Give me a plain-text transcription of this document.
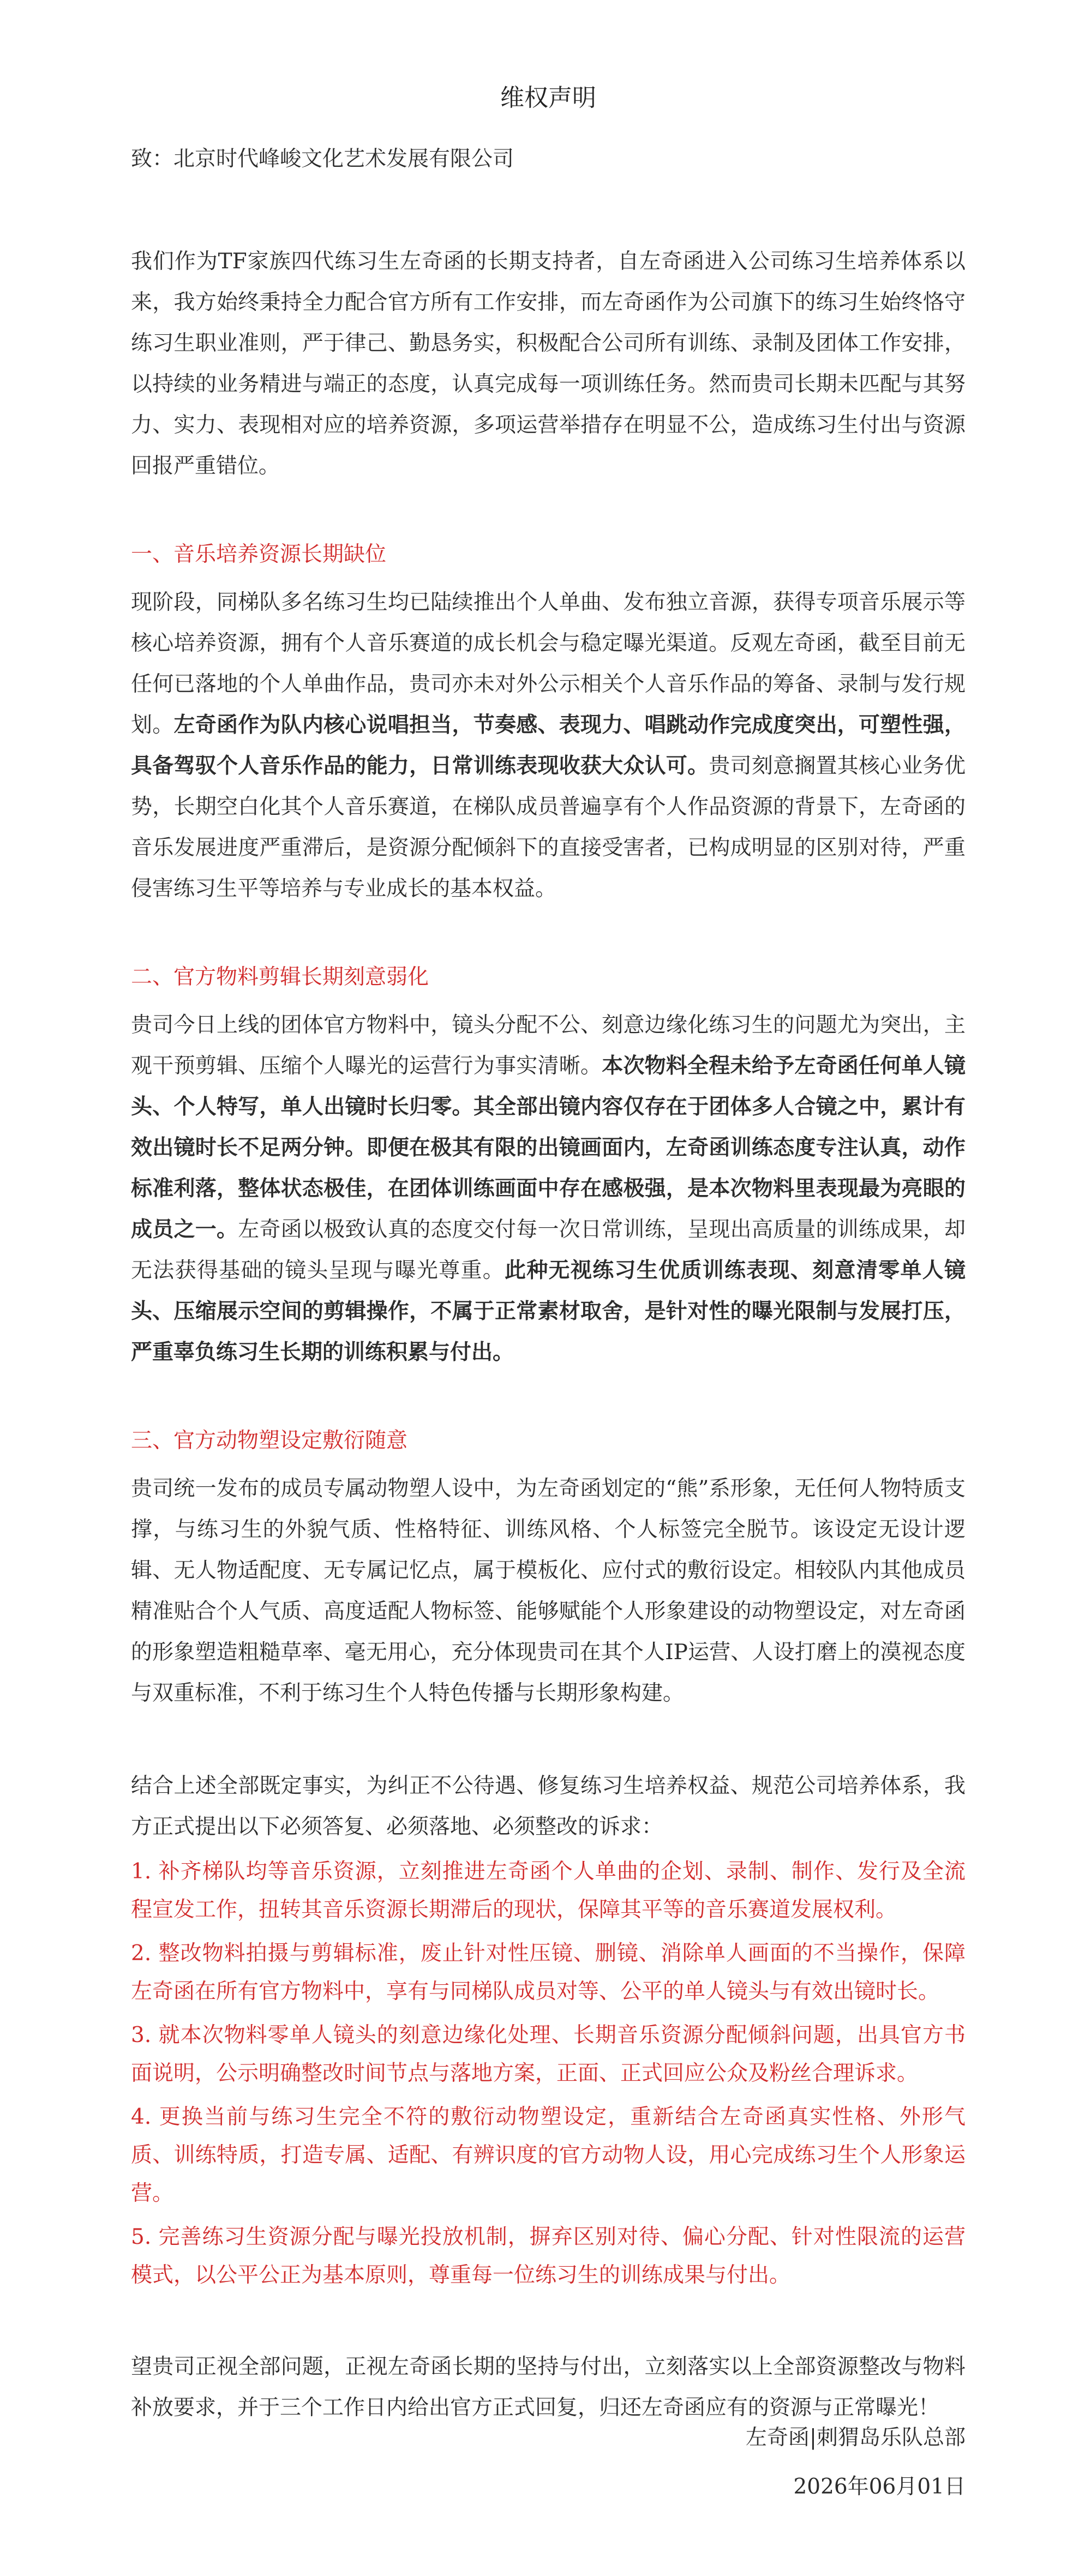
维权声明

致：北京时代峰峻文化艺术发展有限公司

我们作为TF家族四代练习生左奇函的长期支持者，自左奇函进入公司练习生培养体系以来，我方始终秉持全力配合官方所有工作安排，而左奇函作为公司旗下的练习生始终恪守练习生职业准则，严于律己、勤恳务实，积极配合公司所有训练、录制及团体工作安排，以持续的业务精进与端正的态度，认真完成每一项训练任务。然而贵司长期未匹配与其努力、实力、表现相对应的培养资源，多项运营举措存在明显不公，造成练习生付出与资源回报严重错位。

一、音乐培养资源长期缺位

现阶段，同梯队多名练习生均已陆续推出个人单曲、发布独立音源，获得专项音乐展示等核心培养资源，拥有个人音乐赛道的成长机会与稳定曝光渠道。反观左奇函，截至目前无任何已落地的个人单曲作品，贵司亦未对外公示相关个人音乐作品的筹备、录制与发行规划。左奇函作为队内核心说唱担当，节奏感、表现力、唱跳动作完成度突出，可塑性强，具备驾驭个人音乐作品的能力，日常训练表现收获大众认可。贵司刻意搁置其核心业务优势，长期空白化其个人音乐赛道，在梯队成员普遍享有个人作品资源的背景下，左奇函的音乐发展进度严重滞后，是资源分配倾斜下的直接受害者，已构成明显的区别对待，严重侵害练习生平等培养与专业成长的基本权益。

二、官方物料剪辑长期刻意弱化

贵司今日上线的团体官方物料中，镜头分配不公、刻意边缘化练习生的问题尤为突出，主观干预剪辑、压缩个人曝光的运营行为事实清晰。本次物料全程未给予左奇函任何单人镜头、个人特写，单人出镜时长归零。其全部出镜内容仅存在于团体多人合镜之中，累计有效出镜时长不足两分钟。即便在极其有限的出镜画面内，左奇函训练态度专注认真，动作标准利落，整体状态极佳，在团体训练画面中存在感极强，是本次物料里表现最为亮眼的成员之一。左奇函以极致认真的态度交付每一次日常训练，呈现出高质量的训练成果，却无法获得基础的镜头呈现与曝光尊重。此种无视练习生优质训练表现、刻意清零单人镜头、压缩展示空间的剪辑操作，不属于正常素材取舍，是针对性的曝光限制与发展打压，严重辜负练习生长期的训练积累与付出。

三、官方动物塑设定敷衍随意

贵司统一发布的成员专属动物塑人设中，为左奇函划定的“熊”系形象，无任何人物特质支撑，与练习生的外貌气质、性格特征、训练风格、个人标签完全脱节。该设定无设计逻辑、无人物适配度、无专属记忆点，属于模板化、应付式的敷衍设定。相较队内其他成员精准贴合个人气质、高度适配人物标签、能够赋能个人形象建设的动物塑设定，对左奇函的形象塑造粗糙草率、毫无用心，充分体现贵司在其个人IP运营、人设打磨上的漠视态度与双重标准，不利于练习生个人特色传播与长期形象构建。

结合上述全部既定事实，为纠正不公待遇、修复练习生培养权益、规范公司培养体系，我方正式提出以下必须答复、必须落地、必须整改的诉求：

1. 补齐梯队均等音乐资源，立刻推进左奇函个人单曲的企划、录制、制作、发行及全流程宣发工作，扭转其音乐资源长期滞后的现状，保障其平等的音乐赛道发展权利。
2. 整改物料拍摄与剪辑标准，废止针对性压镜、删镜、消除单人画面的不当操作，保障左奇函在所有官方物料中，享有与同梯队成员对等、公平的单人镜头与有效出镜时长。
3. 就本次物料零单人镜头的刻意边缘化处理、长期音乐资源分配倾斜问题，出具官方书面说明，公示明确整改时间节点与落地方案，正面、正式回应公众及粉丝合理诉求。
4. 更换当前与练习生完全不符的敷衍动物塑设定，重新结合左奇函真实性格、外形气质、训练特质，打造专属、适配、有辨识度的官方动物人设，用心完成练习生个人形象运营。
5. 完善练习生资源分配与曝光投放机制，摒弃区别对待、偏心分配、针对性限流的运营模式，以公平公正为基本原则，尊重每一位练习生的训练成果与付出。

望贵司正视全部问题，正视左奇函长期的坚持与付出，立刻落实以上全部资源整改与物料补放要求，并于三个工作日内给出官方正式回复，归还左奇函应有的资源与正常曝光！

左奇函|刺猬岛乐队总部
2026年06月01日
